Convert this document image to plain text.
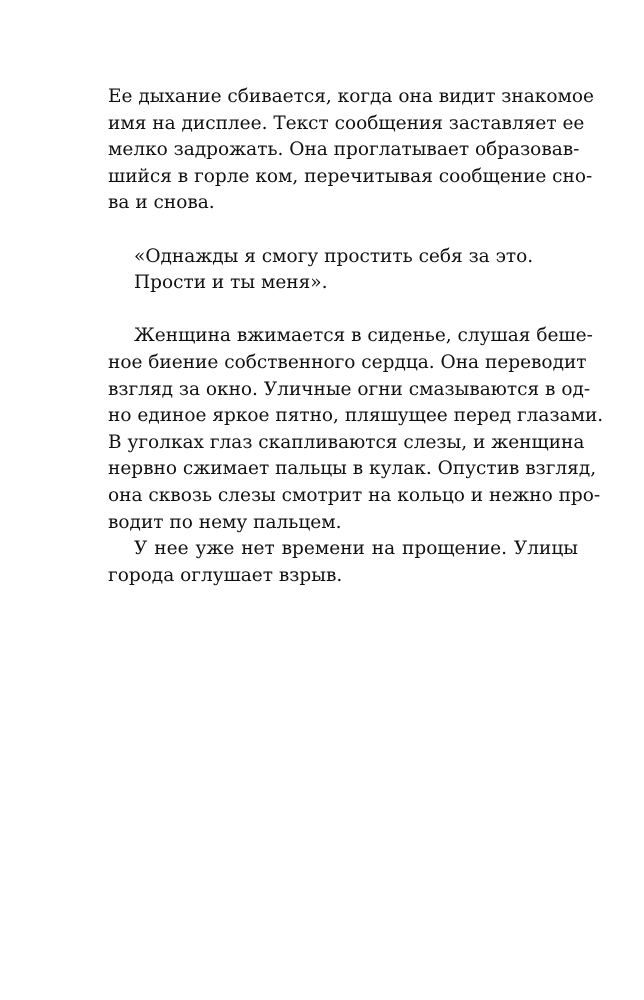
Ее дыхание сбивается, когда она видит знакомое
имя на дисплее. Текст сообщения заставляет ее
мелко задрожать. Она проглатывает образовав-
шийся в горле ком, перечитывая сообщение сно-
ва и снова.
«Однажды я смогу простить себя за это.
Прости и ты меня».
Женщина вжимается в сиденье, слушая беше-
ное биение собственного сердца. Она переводит
взгляд за окно. Уличные огни смазываются в од-
но единое яркое пятно, пляшущее перед глазами.
В уголках глаз скапливаются слезы, и женщина
нервно сжимает пальцы в кулак. Опустив взгляд,
она сквозь слезы смотрит на кольцо и нежно про-
водит по нему пальцем.
У нее уже нет времени на прощение. Улицы
города оглушает взрыв.
